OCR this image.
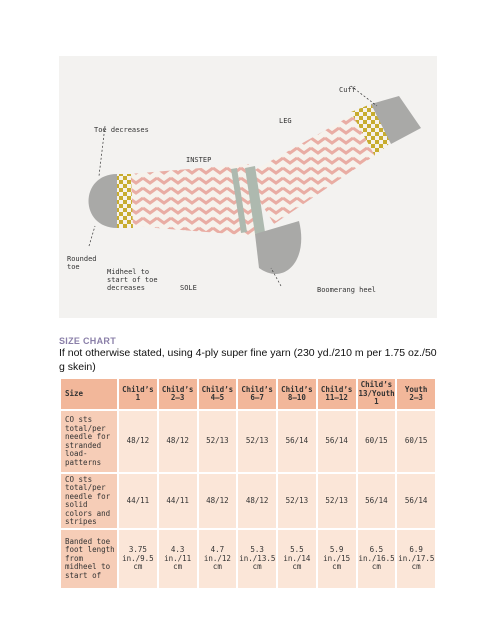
Cuff
LEG
Toe decreases
INSTEP
Rounded
toe
Midheel to
start of toe
decreases	SOLE	Boomerang heel
SIZE CHART
If not otherwise stated, using 4-ply super fine yarn (230 yd./210 m per 1.75 oz./50 g skein)
Size	Child’s 1	Child’s 2–3	Child’s 4–5	Child’s 6–7	Child’s 8–10	Child’s 11–12	Child’s 13/Youth 1	Youth 2–3
CO sts total/per needle for stranded load-patterns	48/12	48/12	52/13	52/13	56/14	56/14	60/15	60/15
CO sts total/per needle for solid colors and stripes	44/11	44/11	48/12	48/12	52/13	52/13	56/14	56/14
Banded toe foot length from midheel to start of	3.75 in./9.5 cm	4.3 in./11 cm	4.7 in./12 cm	5.3 in./13.5 cm	5.5 in./14 cm	5.9 in./15 cm	6.5 in./16.5 cm	6.9 in./17.5 cm
